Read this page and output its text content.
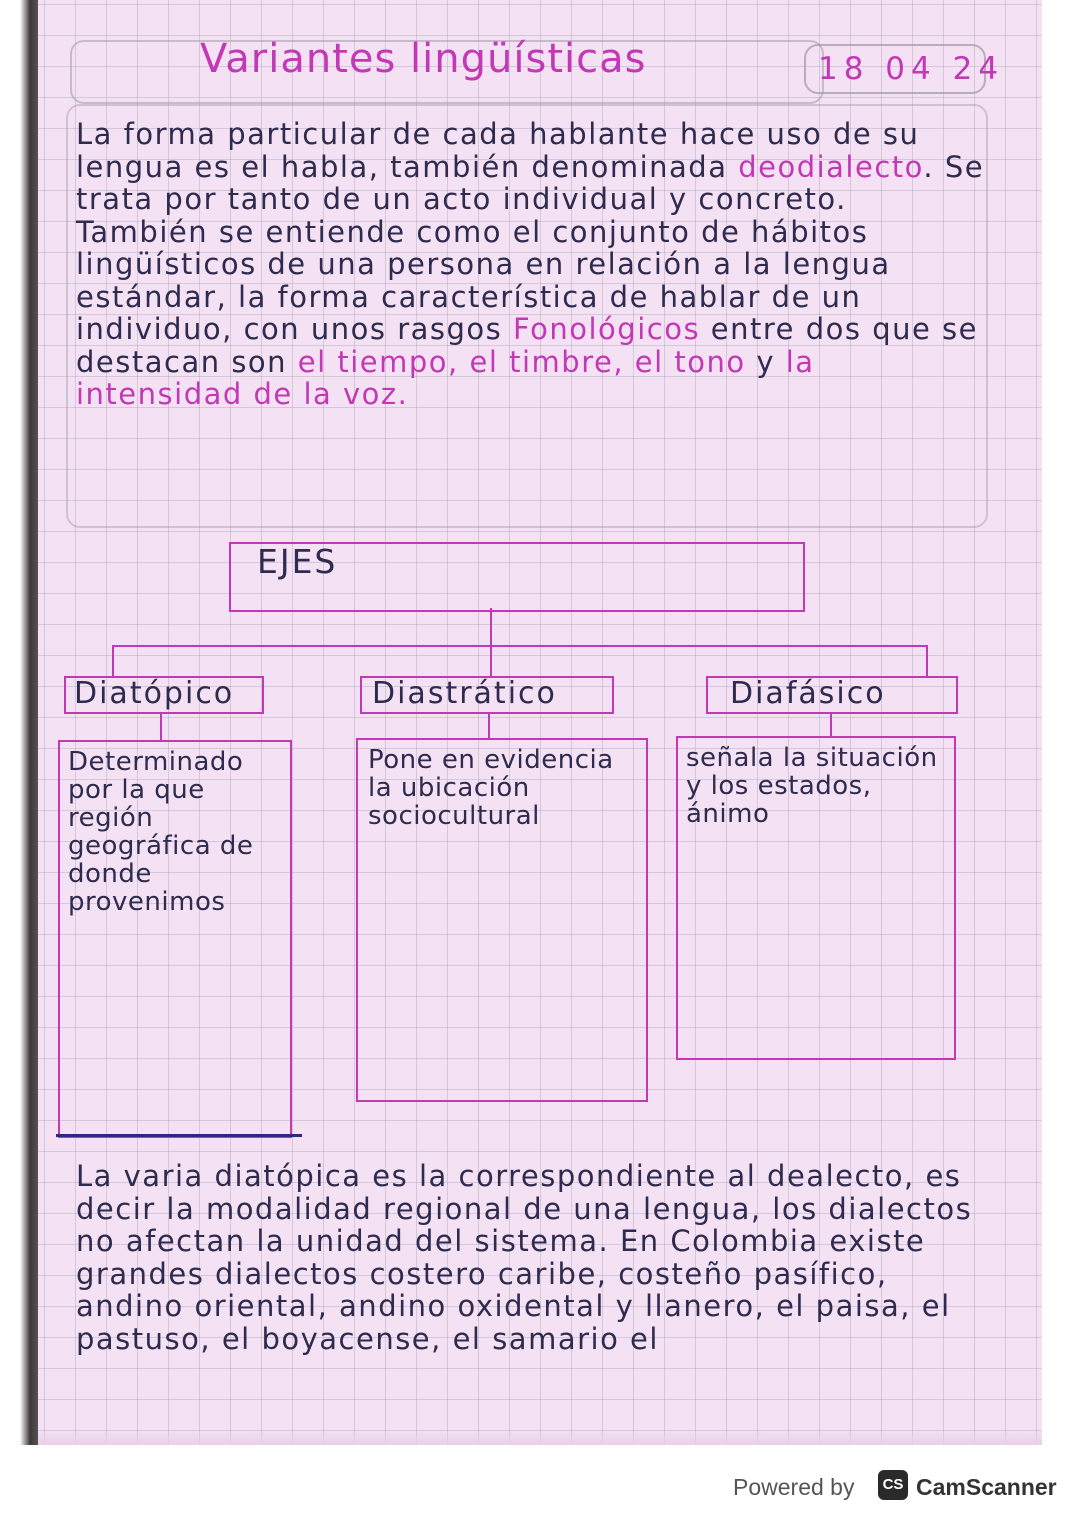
Variantes lingüísticas	18 04 24
La forma particular de cada hablante hace uso de su lengua es el habla, también denominada deodialecto. Se trata por tanto de un acto individual y concreto. También se entiende como el conjunto de hábitos lingüísticos de una persona en relación a la lengua estándar, la forma característica de hablar de un individuo, con unos rasgos Fonológicos entre dos que se destacan son el tiempo, el timbre, el tono y la intensidad de la voz.
EJES
Diatópico	Diastrático	Diafásico
Determinado por la que región geográfica de donde provenimos
Pone en evidencia la ubicación sociocultural
señala la situación y los estados, ánimo
La varia diatópica es la correspondiente al dealecto, es decir la modalidad regional de una lengua, los dialectos no afectan la unidad del sistema. En Colombia existe grandes dialectos costero caribe, costeño pasífico, andino oriental, andino oxidental y llanero, el paisa, el pastuso, el boyacense, el samario el
Powered by	CS CamScanner
